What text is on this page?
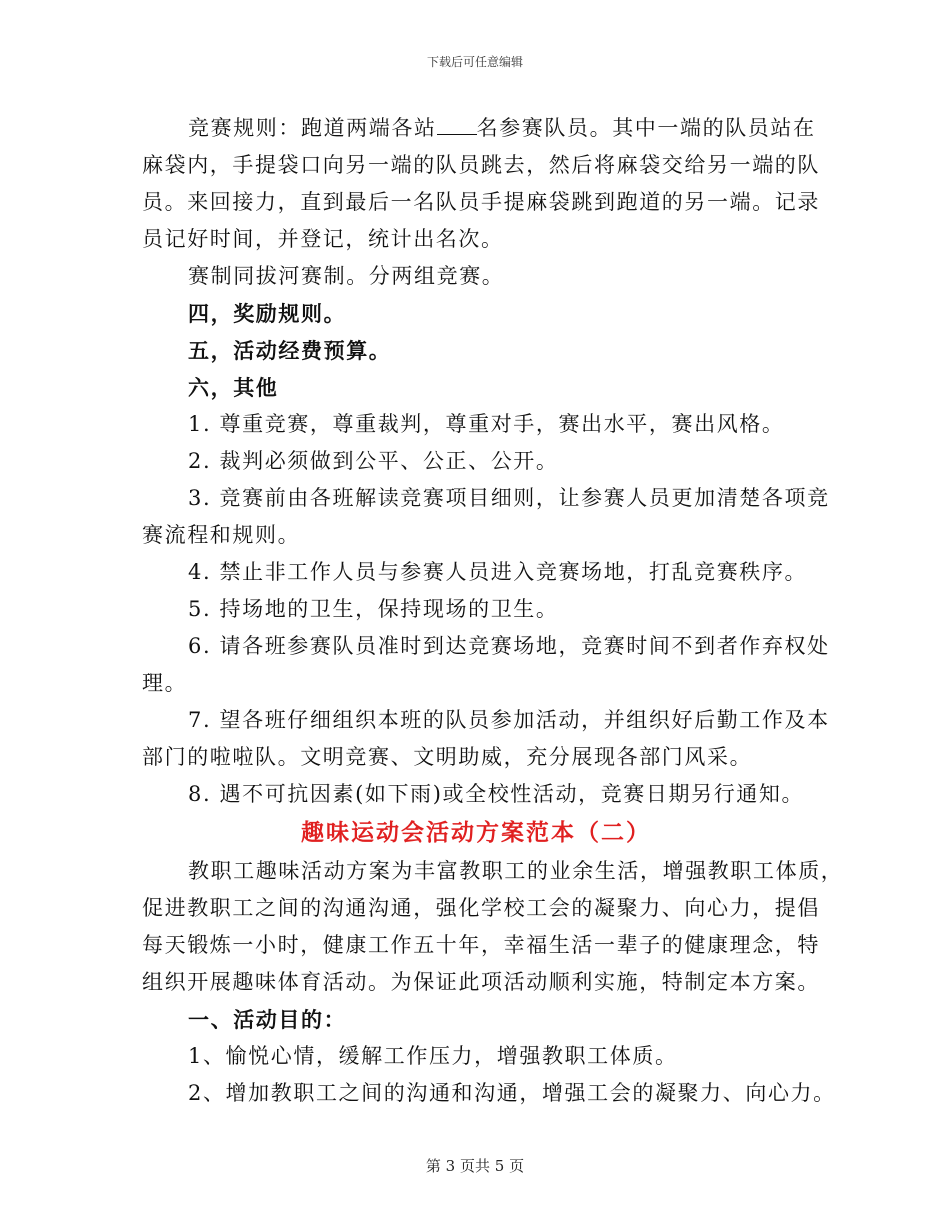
下载后可任意编辑
竞赛规则：跑道两端各站 名参赛队员。其中一端的队员站在
麻袋内，手提袋口向另一端的队员跳去，然后将麻袋交给另一端的队
员。来回接力，直到最后一名队员手提麻袋跳到跑道的另一端。记录
员记好时间，并登记，统计出名次。
赛制同拔河赛制。分两组竞赛。
四，奖励规则。
五，活动经费预算。
六，其他
1. 尊重竞赛，尊重裁判，尊重对手，赛出水平，赛出风格。
2. 裁判必须做到公平、公正、公开。
3. 竞赛前由各班解读竞赛项目细则，让参赛人员更加清楚各项竞
赛流程和规则。
4. 禁止非工作人员与参赛人员进入竞赛场地，打乱竞赛秩序。
5. 持场地的卫生，保持现场的卫生。
6. 请各班参赛队员准时到达竞赛场地，竞赛时间不到者作弃权处
理。
7. 望各班仔细组织本班的队员参加活动，并组织好后勤工作及本
部门的啦啦队。文明竞赛、文明助威，充分展现各部门风采。
8. 遇不可抗因素(如下雨)或全校性活动，竞赛日期另行通知。
趣味运动会活动方案范本（二）
教职工趣味活动方案为丰富教职工的业余生活，增强教职工体质，
促进教职工之间的沟通沟通，强化学校工会的凝聚力、向心力，提倡
每天锻炼一小时，健康工作五十年，幸福生活一辈子的健康理念，特
组织开展趣味体育活动。为保证此项活动顺利实施，特制定本方案。
一、活动目的：
1、愉悦心情，缓解工作压力，增强教职工体质。
2、增加教职工之间的沟通和沟通，增强工会的凝聚力、向心力。
第 3 页共 5 页
